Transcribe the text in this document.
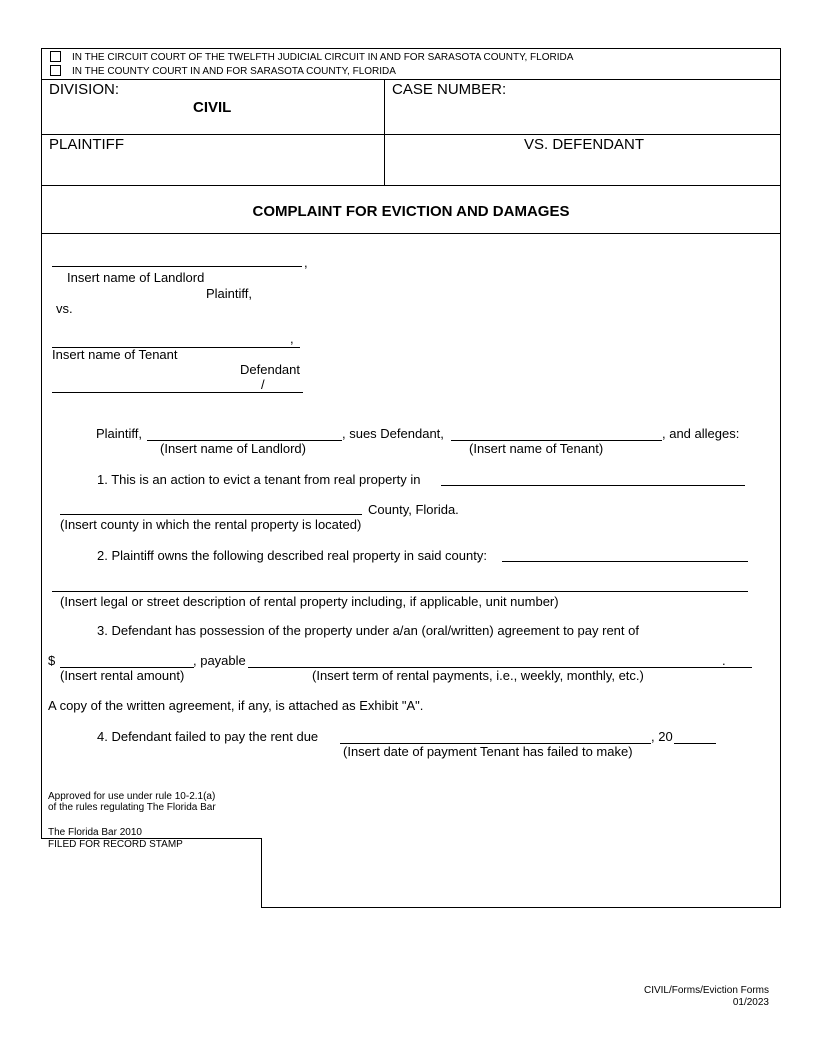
IN THE CIRCUIT COURT OF THE TWELFTH JUDICIAL CIRCUIT IN AND FOR SARASOTA COUNTY, FLORIDA
IN THE COUNTY COURT IN AND FOR SARASOTA COUNTY, FLORIDA
DIVISION:
CIVIL
CASE NUMBER:
PLAINTIFF	VS. DEFENDANT
COMPLAINT FOR EVICTION AND DAMAGES
,
Insert name of Landlord
Plaintiff,
vs.
,
Insert name of Tenant
Defendant
/
Plaintiff,	, sues Defendant,	, and alleges:
(Insert name of Landlord)	(Insert name of Tenant)
1. This is an action to evict a tenant from real property in
County, Florida.
(Insert county in which the rental property is located)
2. Plaintiff owns the following described real property in said county:
(Insert legal or street description of rental property including, if applicable, unit number)
3. Defendant has possession of the property under a/an (oral/written) agreement to pay rent of
$	, payable	.
(Insert rental amount)	(Insert term of rental payments, i.e., weekly, monthly, etc.)
A copy of the written agreement, if any, is attached as Exhibit "A".
4. Defendant failed to pay the rent due	, 20
(Insert date of payment Tenant has failed to make)
Approved for use under rule 10-2.1(a)
of the rules regulating The Florida Bar
The Florida Bar 2010
FILED FOR RECORD STAMP
CIVIL/Forms/Eviction Forms
01/2023
